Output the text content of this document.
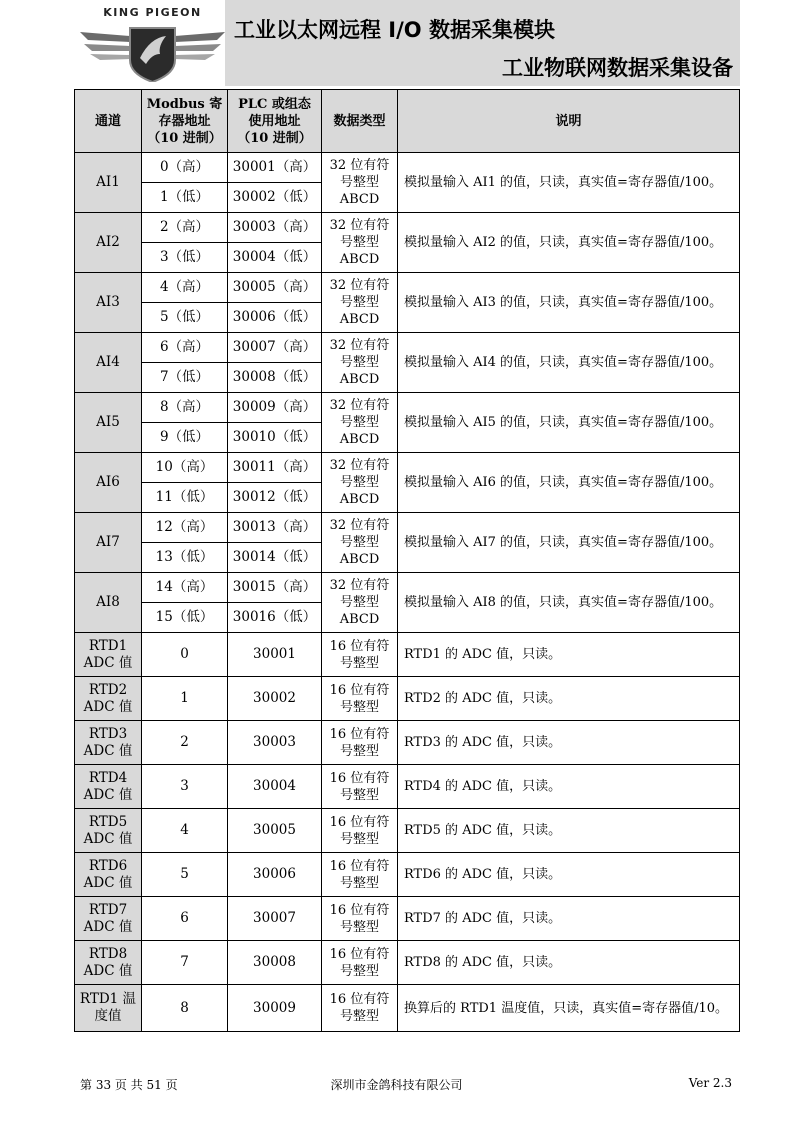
KING PIGEON
工业以太网远程 I/O 数据采集模块
工业物联网数据采集设备
通道	Modbus 寄
存器地址
（10 进制）	PLC 或组态
使用地址
（10 进制）	数据类型	说明
AI1	0（高）	30001（高）	32 位有符
号整型
ABCD	模拟量输入 AI1 的值，只读，真实值=寄存器值/100。
	1（低）	30002（低）		
AI2	2（高）	30003（高）	32 位有符
号整型
ABCD	模拟量输入 AI2 的值，只读，真实值=寄存器值/100。
	3（低）	30004（低）		
AI3	4（高）	30005（高）	32 位有符
号整型
ABCD	模拟量输入 AI3 的值，只读，真实值=寄存器值/100。
	5（低）	30006（低）		
AI4	6（高）	30007（高）	32 位有符
号整型
ABCD	模拟量输入 AI4 的值，只读，真实值=寄存器值/100。
	7（低）	30008（低）		
AI5	8（高）	30009（高）	32 位有符
号整型
ABCD	模拟量输入 AI5 的值，只读，真实值=寄存器值/100。
	9（低）	30010（低）		
AI6	10（高）	30011（高）	32 位有符
号整型
ABCD	模拟量输入 AI6 的值，只读，真实值=寄存器值/100。
	11（低）	30012（低）		
AI7	12（高）	30013（高）	32 位有符
号整型
ABCD	模拟量输入 AI7 的值，只读，真实值=寄存器值/100。
	13（低）	30014（低）		
AI8	14（高）	30015（高）	32 位有符
号整型
ABCD	模拟量输入 AI8 的值，只读，真实值=寄存器值/100。
	15（低）	30016（低）		
RTD1
ADC 值	0	30001	16 位有符
号整型	RTD1 的 ADC 值，只读。
RTD2
ADC 值	1	30002	16 位有符
号整型	RTD2 的 ADC 值，只读。
RTD3
ADC 值	2	30003	16 位有符
号整型	RTD3 的 ADC 值，只读。
RTD4
ADC 值	3	30004	16 位有符
号整型	RTD4 的 ADC 值，只读。
RTD5
ADC 值	4	30005	16 位有符
号整型	RTD5 的 ADC 值，只读。
RTD6
ADC 值	5	30006	16 位有符
号整型	RTD6 的 ADC 值，只读。
RTD7
ADC 值	6	30007	16 位有符
号整型	RTD7 的 ADC 值，只读。
RTD8
ADC 值	7	30008	16 位有符
号整型	RTD8 的 ADC 值，只读。
RTD1 温
度值	8	30009	16 位有符
号整型	换算后的 RTD1 温度值，只读，真实值=寄存器值/10。
深圳市金鸽科技有限公司
第 33 页 共 51 页	Ver 2.3
